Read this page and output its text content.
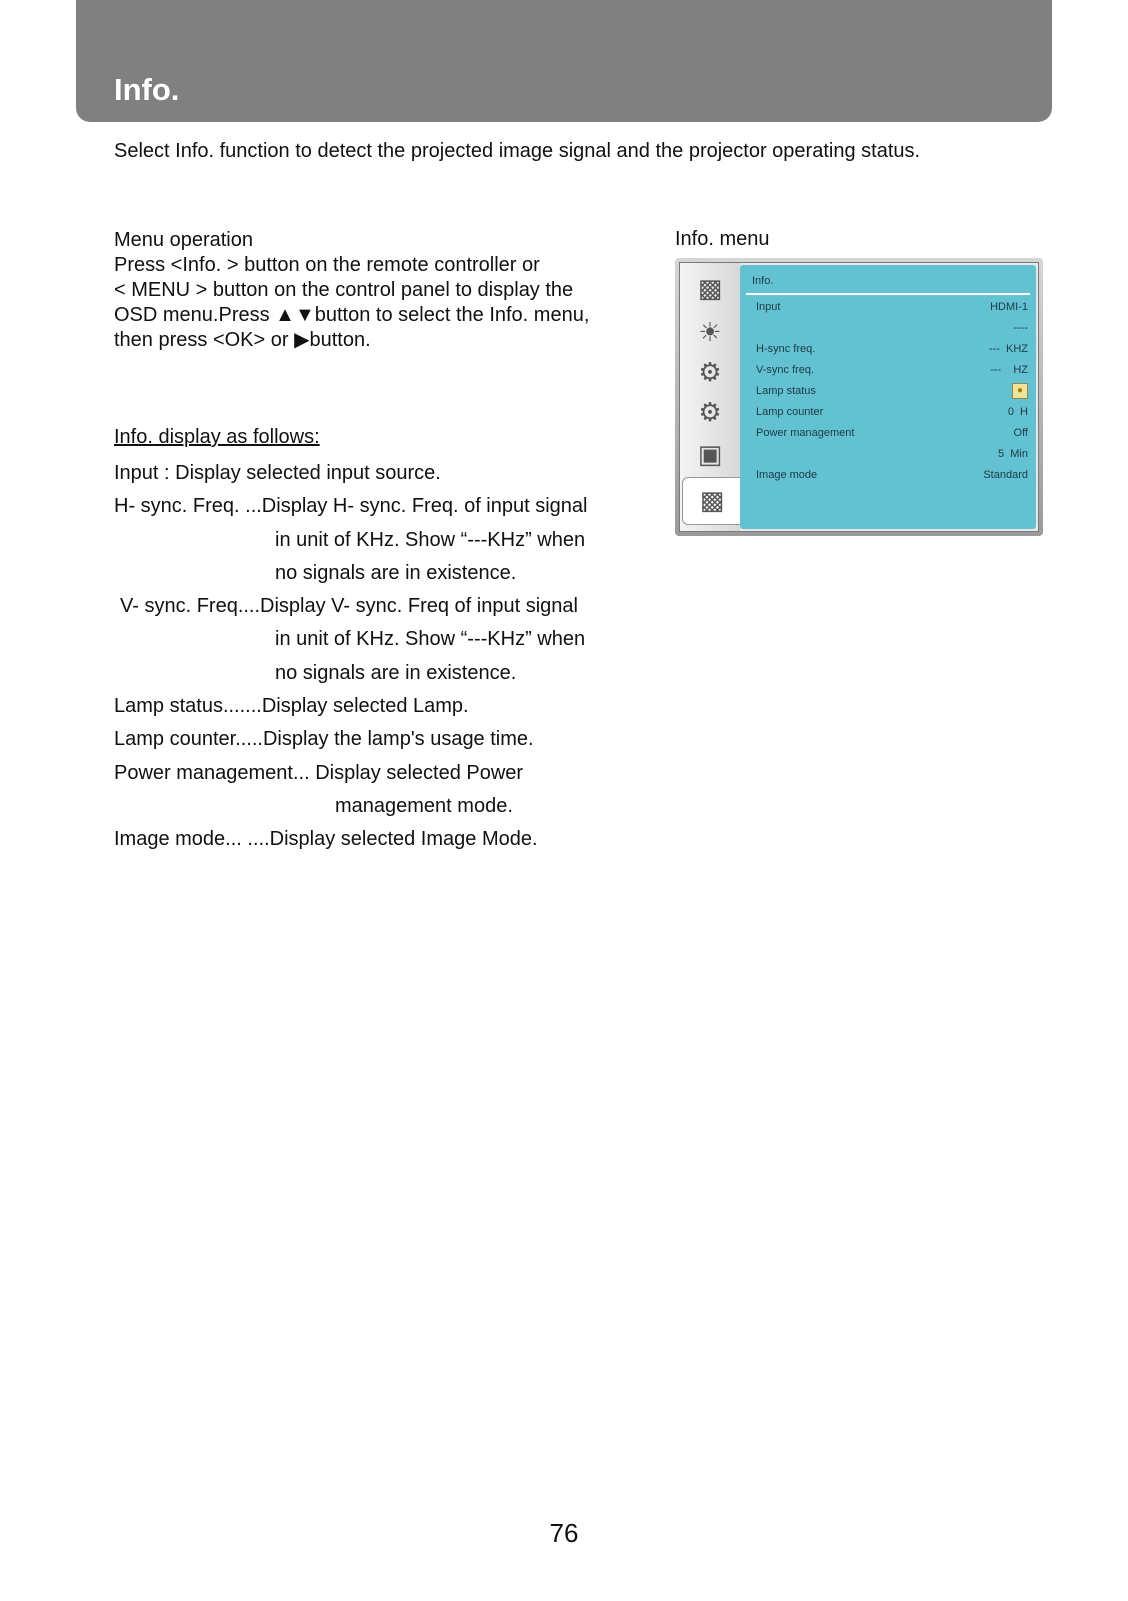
Info.
Select Info. function to detect the projected image signal and the projector operating status.
Menu operation
Press <Info. > button on the remote controller or
< MENU > button on the control panel to display the
OSD menu.Press ▲▼button to select the Info. menu,
then press <OK> or ▶button.
Info. display as follows:
Input : Display selected input source.
H- sync. Freq. ...Display H- sync. Freq. of input signal
in unit of KHz. Show “---KHz” when
no signals are in existence.
V- sync. Freq....Display V- sync. Freq of input signal
in unit of KHz. Show “---KHz” when
no signals are in existence.
Lamp status.......Display selected Lamp.
Lamp counter.....Display the lamp's usage time.
Power management... Display selected Power
management mode.
Image mode... ....Display selected Image Mode.
Info. menu
▩
☀
⚙
⚙
▣
▩
Info.
Input	HDMI-1
----
H-sync freq.	---  KHZ
V-sync freq.	---    HZ
Lamp status	●
Lamp counter	0  H
Power management	Off
5  Min
Image mode	Standard
76
